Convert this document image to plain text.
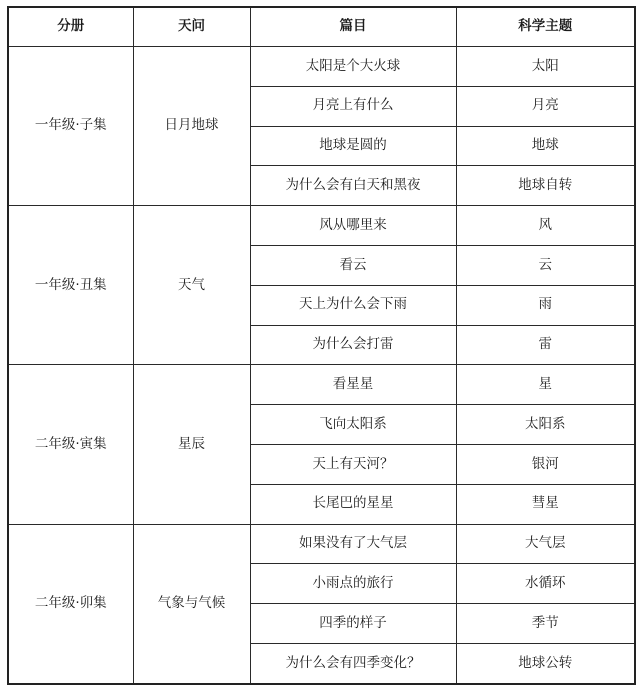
分册	天问	篇目	科学主题
一年级·子集	日月地球	太阳是个大火球	太阳
		月亮上有什么	月亮
		地球是圆的	地球
		为什么会有白天和黑夜	地球自转
一年级·丑集	天气	风从哪里来	风
		看云	云
		天上为什么会下雨	雨
		为什么会打雷	雷
二年级·寅集	星辰	看星星	星
		飞向太阳系	太阳系
		天上有天河？	银河
		长尾巴的星星	彗星
二年级·卯集	气象与气候	如果没有了大气层	大气层
		小雨点的旅行	水循环
		四季的样子	季节
		为什么会有四季变化？	地球公转
